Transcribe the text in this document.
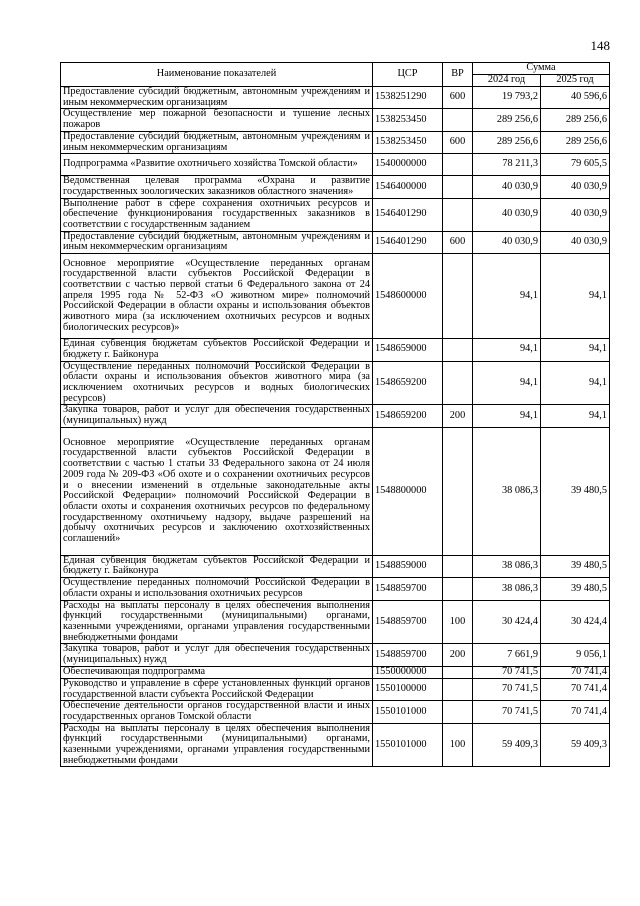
148
Наименование показателей	ЦСР	ВР	Сумма	
			2024 год	2025 год
Предоставление субсидий бюджетным, автономным учреждениям и иным некоммерческим организациям	1538251290	600	19 793,2	40 596,6
Осуществление мер пожарной безопасности и тушение лесных пожаров	1538253450		289 256,6	289 256,6
Предоставление субсидий бюджетным, автономным учреждениям и иным некоммерческим организациям	1538253450	600	289 256,6	289 256,6
Подпрограмма «Развитие охотничьего хозяйства Томской области»	1540000000		78 211,3	79 605,5
Ведомственная целевая программа «Охрана и развитие государственных зоологических заказников областного значения»	1546400000		40 030,9	40 030,9
Выполнение работ в сфере сохранения охотничьих ресурсов и обеспечение функционирования государственных заказников в соответствии с государственным заданием	1546401290		40 030,9	40 030,9
Предоставление субсидий бюджетным, автономным учреждениям и иным некоммерческим организациям	1546401290	600	40 030,9	40 030,9
Основное мероприятие «Осуществление переданных органам государственной власти субъектов Российской Федерации в соответствии с частью первой статьи 6 Федерального закона от 24 апреля 1995 года № 52-ФЗ «О животном мире» полномочий Российской Федерации в области охраны и использования объектов животного мира (за исключением охотничьих ресурсов и водных биологических ресурсов)»	1548600000		94,1	94,1
Единая субвенция бюджетам субъектов Российской Федерации и бюджету г. Байконура	1548659000		94,1	94,1
Осуществление переданных полномочий Российской Федерации в области охраны и использования объектов животного мира (за исключением охотничьих ресурсов и водных биологических ресурсов)	1548659200		94,1	94,1
Закупка товаров, работ и услуг для обеспечения государственных (муниципальных) нужд	1548659200	200	94,1	94,1
Основное мероприятие «Осуществление переданных органам государственной власти субъектов Российской Федерации в соответствии с частью 1 статьи 33 Федерального закона от 24 июля 2009 года № 209-ФЗ «Об охоте и о сохранении охотничьих ресурсов и о внесении изменений в отдельные законодательные акты Российской Федерации» полномочий Российской Федерации в области охоты и сохранения охотничьих ресурсов по федеральному государственному охотничьему надзору, выдаче разрешений на добычу охотничьих ресурсов и заключению охотхозяйственных соглашений»	1548800000		38 086,3	39 480,5
Единая субвенция бюджетам субъектов Российской Федерации и бюджету г. Байконура	1548859000		38 086,3	39 480,5
Осуществление переданных полномочий Российской Федерации в области охраны и использования охотничьих ресурсов	1548859700		38 086,3	39 480,5
Расходы на выплаты персоналу в целях обеспечения выполнения функций государственными (муниципальными) органами, казенными учреждениями, органами управления государственными внебюджетными фондами	1548859700	100	30 424,4	30 424,4
Закупка товаров, работ и услуг для обеспечения государственных (муниципальных) нужд	1548859700	200	7 661,9	9 056,1
Обеспечивающая подпрограмма	1550000000		70 741,5	70 741,4
Руководство и управление в сфере установленных функций органов государственной власти субъекта Российской Федерации	1550100000		70 741,5	70 741,4
Обеспечение деятельности органов государственной власти и иных государственных органов Томской области	1550101000		70 741,5	70 741,4
Расходы на выплаты персоналу в целях обеспечения выполнения функций государственными (муниципальными) органами, казенными учреждениями, органами управления государственными внебюджетными фондами	1550101000	100	59 409,3	59 409,3
